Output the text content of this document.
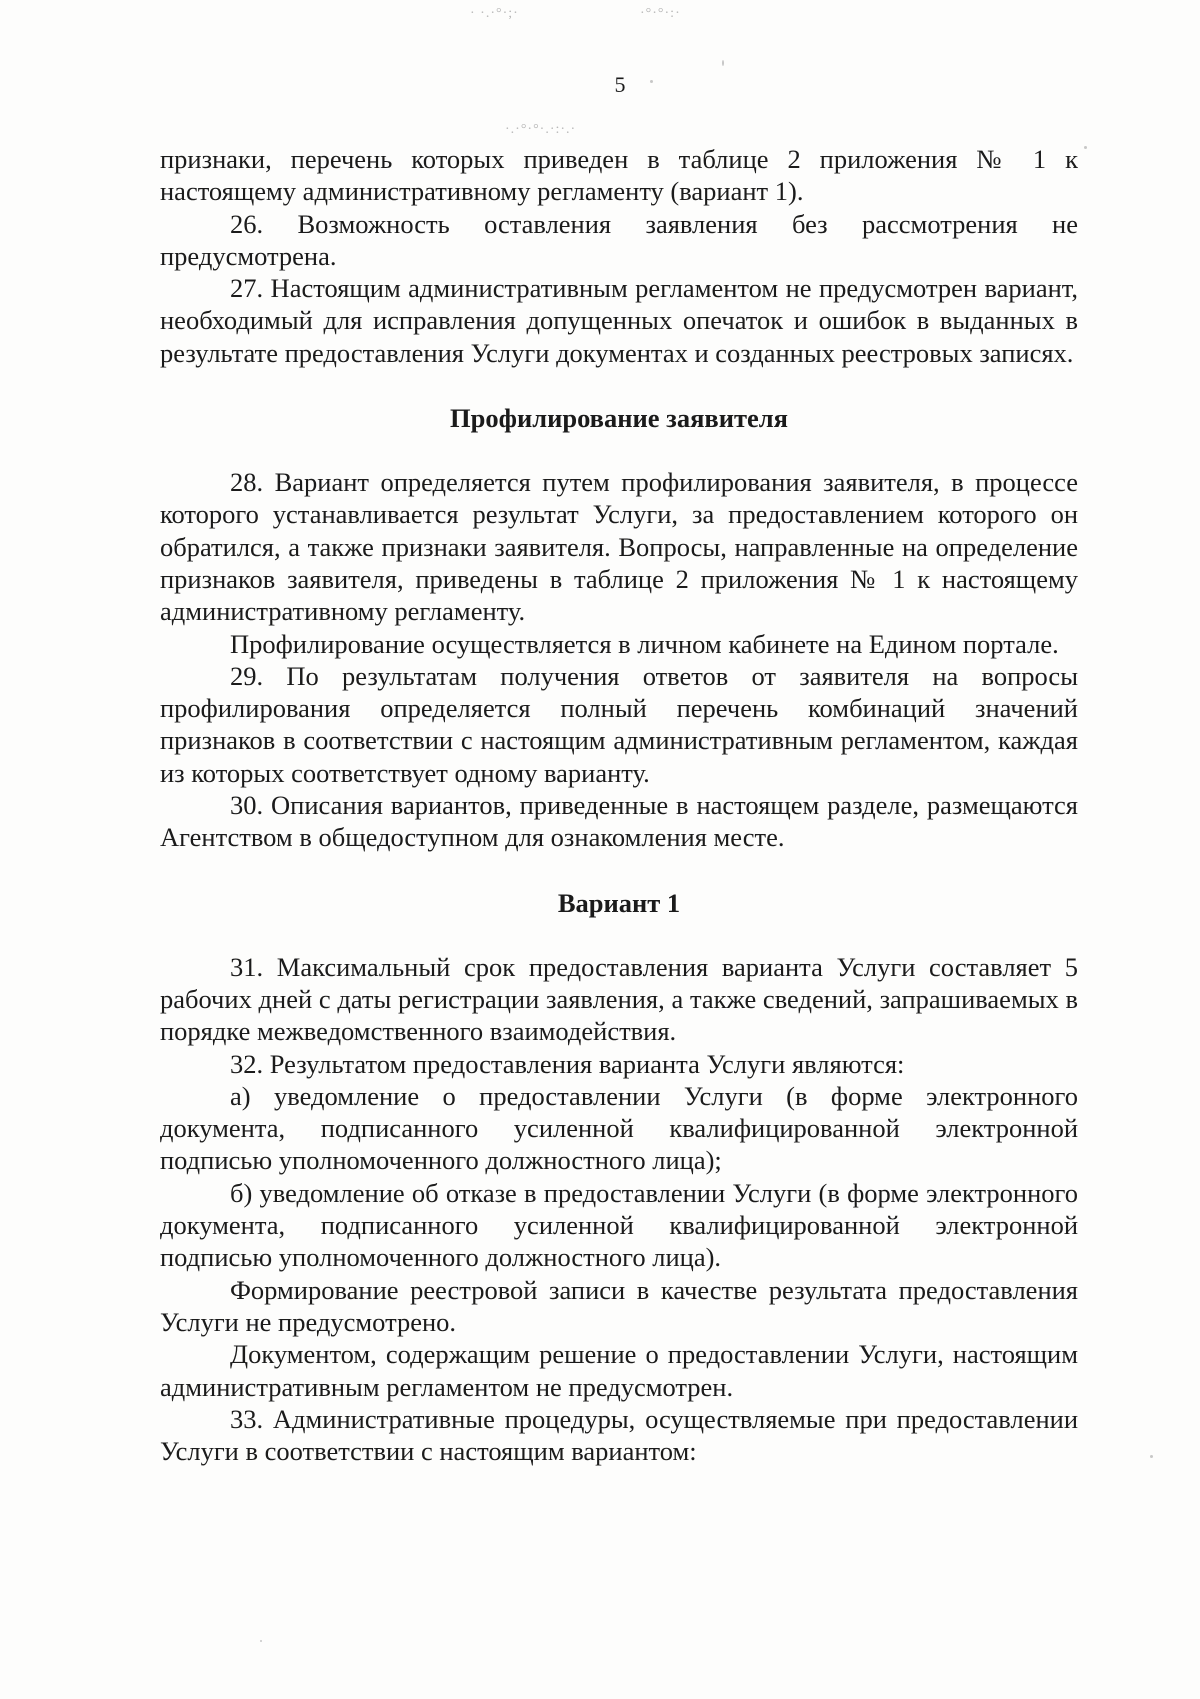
· ·.·°·;·	·°·°·:·
·.·°·°·.·:·.·
5

признаки, перечень которых приведен в таблице 2 приложения № 1 к настоящему административному регламенту (вариант 1).

26. Возможность оставления заявления без рассмотрения не предусмотрена.

27. Настоящим административным регламентом не предусмотрен вариант, необходимый для исправления допущенных опечаток и ошибок в выданных в результате предоставления Услуги документах и созданных реестровых записях.

Профилирование заявителя

28. Вариант определяется путем профилирования заявителя, в процессе которого устанавливается результат Услуги, за предоставлением которого он обратился, а также признаки заявителя. Вопросы, направленные на определение признаков заявителя, приведены в таблице 2 приложения № 1 к настоящему административному регламенту.

Профилирование осуществляется в личном кабинете на Едином портале.

29. По результатам получения ответов от заявителя на вопросы профилирования определяется полный перечень комбинаций значений признаков в соответствии с настоящим административным регламентом, каждая из которых соответствует одному варианту.

30. Описания вариантов, приведенные в настоящем разделе, размещаются Агентством в общедоступном для ознакомления месте.

Вариант 1

31. Максимальный срок предоставления варианта Услуги составляет 5 рабочих дней с даты регистрации заявления, а также сведений, запрашиваемых в порядке межведомственного взаимодействия.

32. Результатом предоставления варианта Услуги являются:

а) уведомление о предоставлении Услуги (в форме электронного документа, подписанного усиленной квалифицированной электронной подписью уполномоченного должностного лица);

б) уведомление об отказе в предоставлении Услуги (в форме электронного документа, подписанного усиленной квалифицированной электронной подписью уполномоченного должностного лица).

Формирование реестровой записи в качестве результата предоставления Услуги не предусмотрено.

Документом, содержащим решение о предоставлении Услуги, настоящим административным регламентом не предусмотрен.

33. Административные процедуры, осуществляемые при предоставлении Услуги в соответствии с настоящим вариантом:
